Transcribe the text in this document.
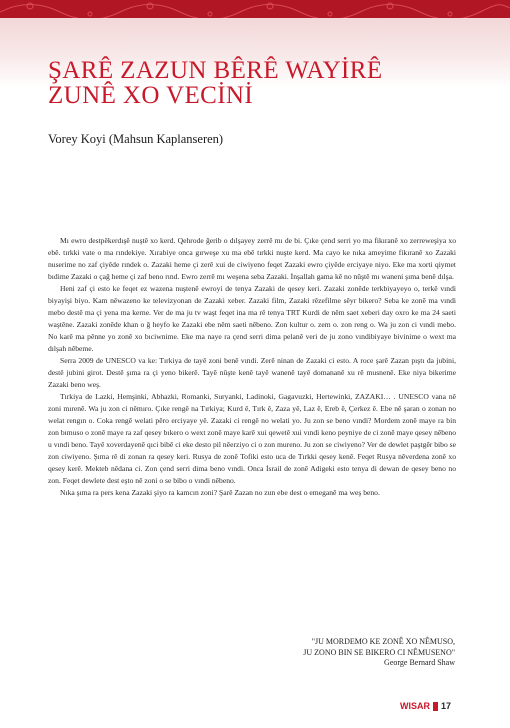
ŞARÊ ZAZUN BÊRÊ WAYİRÊ
ZUNÊ XO VECİNİ
Vorey Koyi (Mahsun Kaplanseren)

Mı ewro destpêkerdışê nuştê xo kerd. Qehrode ğerib o dılşayey zerrê mı de bi. Çıke çend serri yo ma fikıranê xo zerreweşiya xo ebê. tırkki vate o ma rındekiye. Xırabiye onca gırweşe xu ma ebê tırkki nuşte kerd. Ma cayo ke nıka ameyime fikıranê xo Zazaki nuserime no zaf çiyêde rındek o. Zazaki heme çi zerê xui de ciwiyeno feqet Zazaki ewro çiyêde erciyaye niyo. Eke ma xorti qiymet bıdime Zazaki o çağ heme çi zaf beno rınd. Ewro zerrê mı weşena seba Zazaki. İnşallah gama kê no nûştê mı waneni şıma benê dılşa.

Heni zaf çi esto ke feqet ez wazena nuştenê ewroyi de tenya Zazaki de qesey keri. Zazaki zonêde terkbiyayeyo o, terkê vındi biyayişi biyo. Kam nêwazeno ke televizyonan de Zazaki xeber. Zazaki film, Zazaki rêzefilme sêyr bikero? Seba ke zonê ma vındi mebo destê ma çi yena ma kerne. Ver de ma ju tv waşt feqet ina ma rê tenya TRT Kurdi de nêm saet xeberi day oxro ke ma 24 saeti waştêne. Zazaki zonêde khan o ğ heyfo ke Zazaki ebe nêm saeti nêbeno. Zon kultur o. zem o. zon reng o. Wa ju zon ci vındi mebo. No karê ma pênne yo zonê xo bıciwnime. Eke ma naye ra çend serri dima pelanê veri de ju zono vındibiyaye bivinime o wext ma dılşah nêbeme.

Serra 2009 de UNESCO va ke: Tırkiya de tayê zoni benê vındi. Zerê ninan de Zazaki ci esto. A roce şarê Zazan pıştı da jubini, destê jubini girot. Destê şıma ra çi yeno bikerê. Tayê nûşte kenê tayê wanenê tayê domananê xu rê musnenê. Eke niya bikerime Zazaki beno weş.

Tırkiya de Lazki, Hemşinki, Abhazki, Romanki, Suryanki, Ladinoki, Gagavuzki, Hertewinki, ZAZAKI… . UNESCO vana nê zoni mırenê. Wa ju zon ci nêmıro. Çıke rengê na Tırkiya; Kurd ê, Tırk ê, Zaza yê, Laz ê, Ereb ê, Çerkez ê. Ebe nê şaran o zonan no welat rengın o. Coka rengê welati pêro erciyaye yê. Zazaki ci rengê no welati yo. Ju zon se beno vındi? Mordem zonê maye ra bin zon bımuso o zonê maye ra zaf qesey bıkero o wext zonê maye karê xui qewetê xui vındi keno peyniye de ci zonê maye qesey nêbeno u vındi beno. Tayê xoverdayenê qıci bibê ci eke desto pil nêerziyo ci o zon mureno. Ju zon se ciwiyeno? Ver de dewlet paştgêr bibo se zon ciwiyeno. Şıma rê di zonan ra qesey keri. Rusya de zonê Tofiki esto uca de Tırkki qesey kenê. Feqet Rusya nêverdena zonê xo qesey kerê. Mekteb nêdana ci. Zon çend serri dima beno vındi. Onca İsrail de zonê Adigeki esto tenya di dewan de qesey beno no zon. Feqet dewlete dest eşto nê zoni o se bibo o vındi nêbeno.

Nıka şıma ra pers kena Zazaki şiyo ra kamcın zoni? Şarê Zazan no zun ebe dest o emeganê ma weş beno.

"JU MORDEMO KE ZONÊ XO NÊMUSO,
JU ZONO BIN SE BIKERO CI NÊMUSENO"
George Bernard Shaw
WISAR 17
